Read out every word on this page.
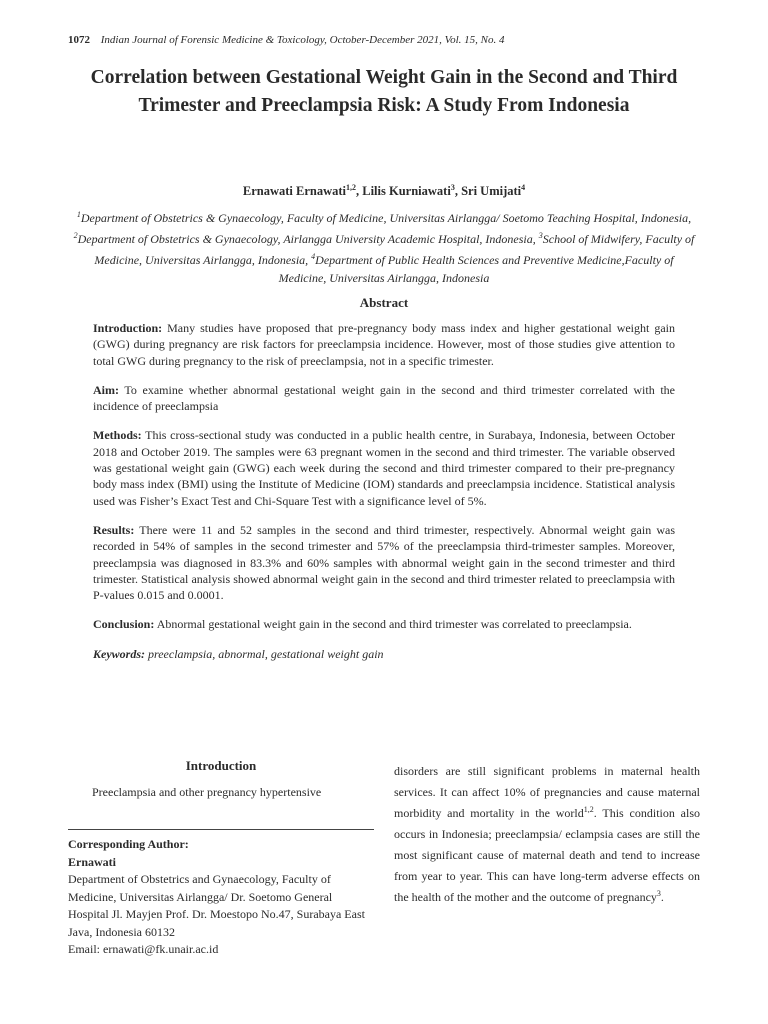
1072 Indian Journal of Forensic Medicine & Toxicology, October-December 2021, Vol. 15, No. 4
Correlation between Gestational Weight Gain in the Second and Third Trimester and Preeclampsia Risk: A Study From Indonesia
Ernawati Ernawati$^{1,2}$, Lilis Kurniawati$^3$, Sri Umijati$^4$
$^1$Department of Obstetrics & Gynaecology, Faculty of Medicine, Universitas Airlangga/ Soetomo Teaching Hospital, Indonesia, $^2$Department of Obstetrics & Gynaecology, Airlangga University Academic Hospital, Indonesia, $^3$School of Midwifery, Faculty of Medicine, Universitas Airlangga, Indonesia, $^4$Department of Public Health Sciences and Preventive Medicine,Faculty of Medicine, Universitas Airlangga, Indonesia
Abstract

Introduction: Many studies have proposed that pre-pregnancy body mass index and higher gestational weight gain (GWG) during pregnancy are risk factors for preeclampsia incidence. However, most of those studies give attention to total GWG during pregnancy to the risk of preeclampsia, not in a specific trimester.

Aim: To examine whether abnormal gestational weight gain in the second and third trimester correlated with the incidence of preeclampsia

Methods: This cross-sectional study was conducted in a public health centre, in Surabaya, Indonesia, between October 2018 and October 2019. The samples were 63 pregnant women in the second and third trimester. The variable observed was gestational weight gain (GWG) each week during the second and third trimester compared to their pre-pregnancy body mass index (BMI) using the Institute of Medicine (IOM) standards and preeclampsia incidence. Statistical analysis used was Fisher’s Exact Test and Chi-Square Test with a significance level of 5%.

Results: There were 11 and 52 samples in the second and third trimester, respectively. Abnormal weight gain was recorded in 54% of samples in the second trimester and 57% of the preeclampsia third-trimester samples. Moreover, preeclampsia was diagnosed in 83.3% and 60% samples with abnormal weight gain in the second trimester and third trimester. Statistical analysis showed abnormal weight gain in the second and third trimester related to preeclampsia with P-values 0.015 and 0.0001.

Conclusion: Abnormal gestational weight gain in the second and third trimester was correlated to preeclampsia.

Keywords: preeclampsia, abnormal, gestational weight gain

Introduction

Preeclampsia and other pregnancy hypertensive

Corresponding Author:
Ernawati
Department of Obstetrics and Gynaecology, Faculty of Medicine, Universitas Airlangga/ Dr. Soetomo General Hospital Jl. Mayjen Prof. Dr. Moestopo No.47, Surabaya East Java, Indonesia 60132
Email: ernawati@fk.unair.ac.id

disorders are still significant problems in maternal health services. It can affect 10% of pregnancies and cause maternal morbidity and mortality in the world$^{1,2}$. This condition also occurs in Indonesia; preeclampsia/ eclampsia cases are still the most significant cause of maternal death and tend to increase from year to year. This can have long-term adverse effects on the health of the mother and the outcome of pregnancy$^3$.
